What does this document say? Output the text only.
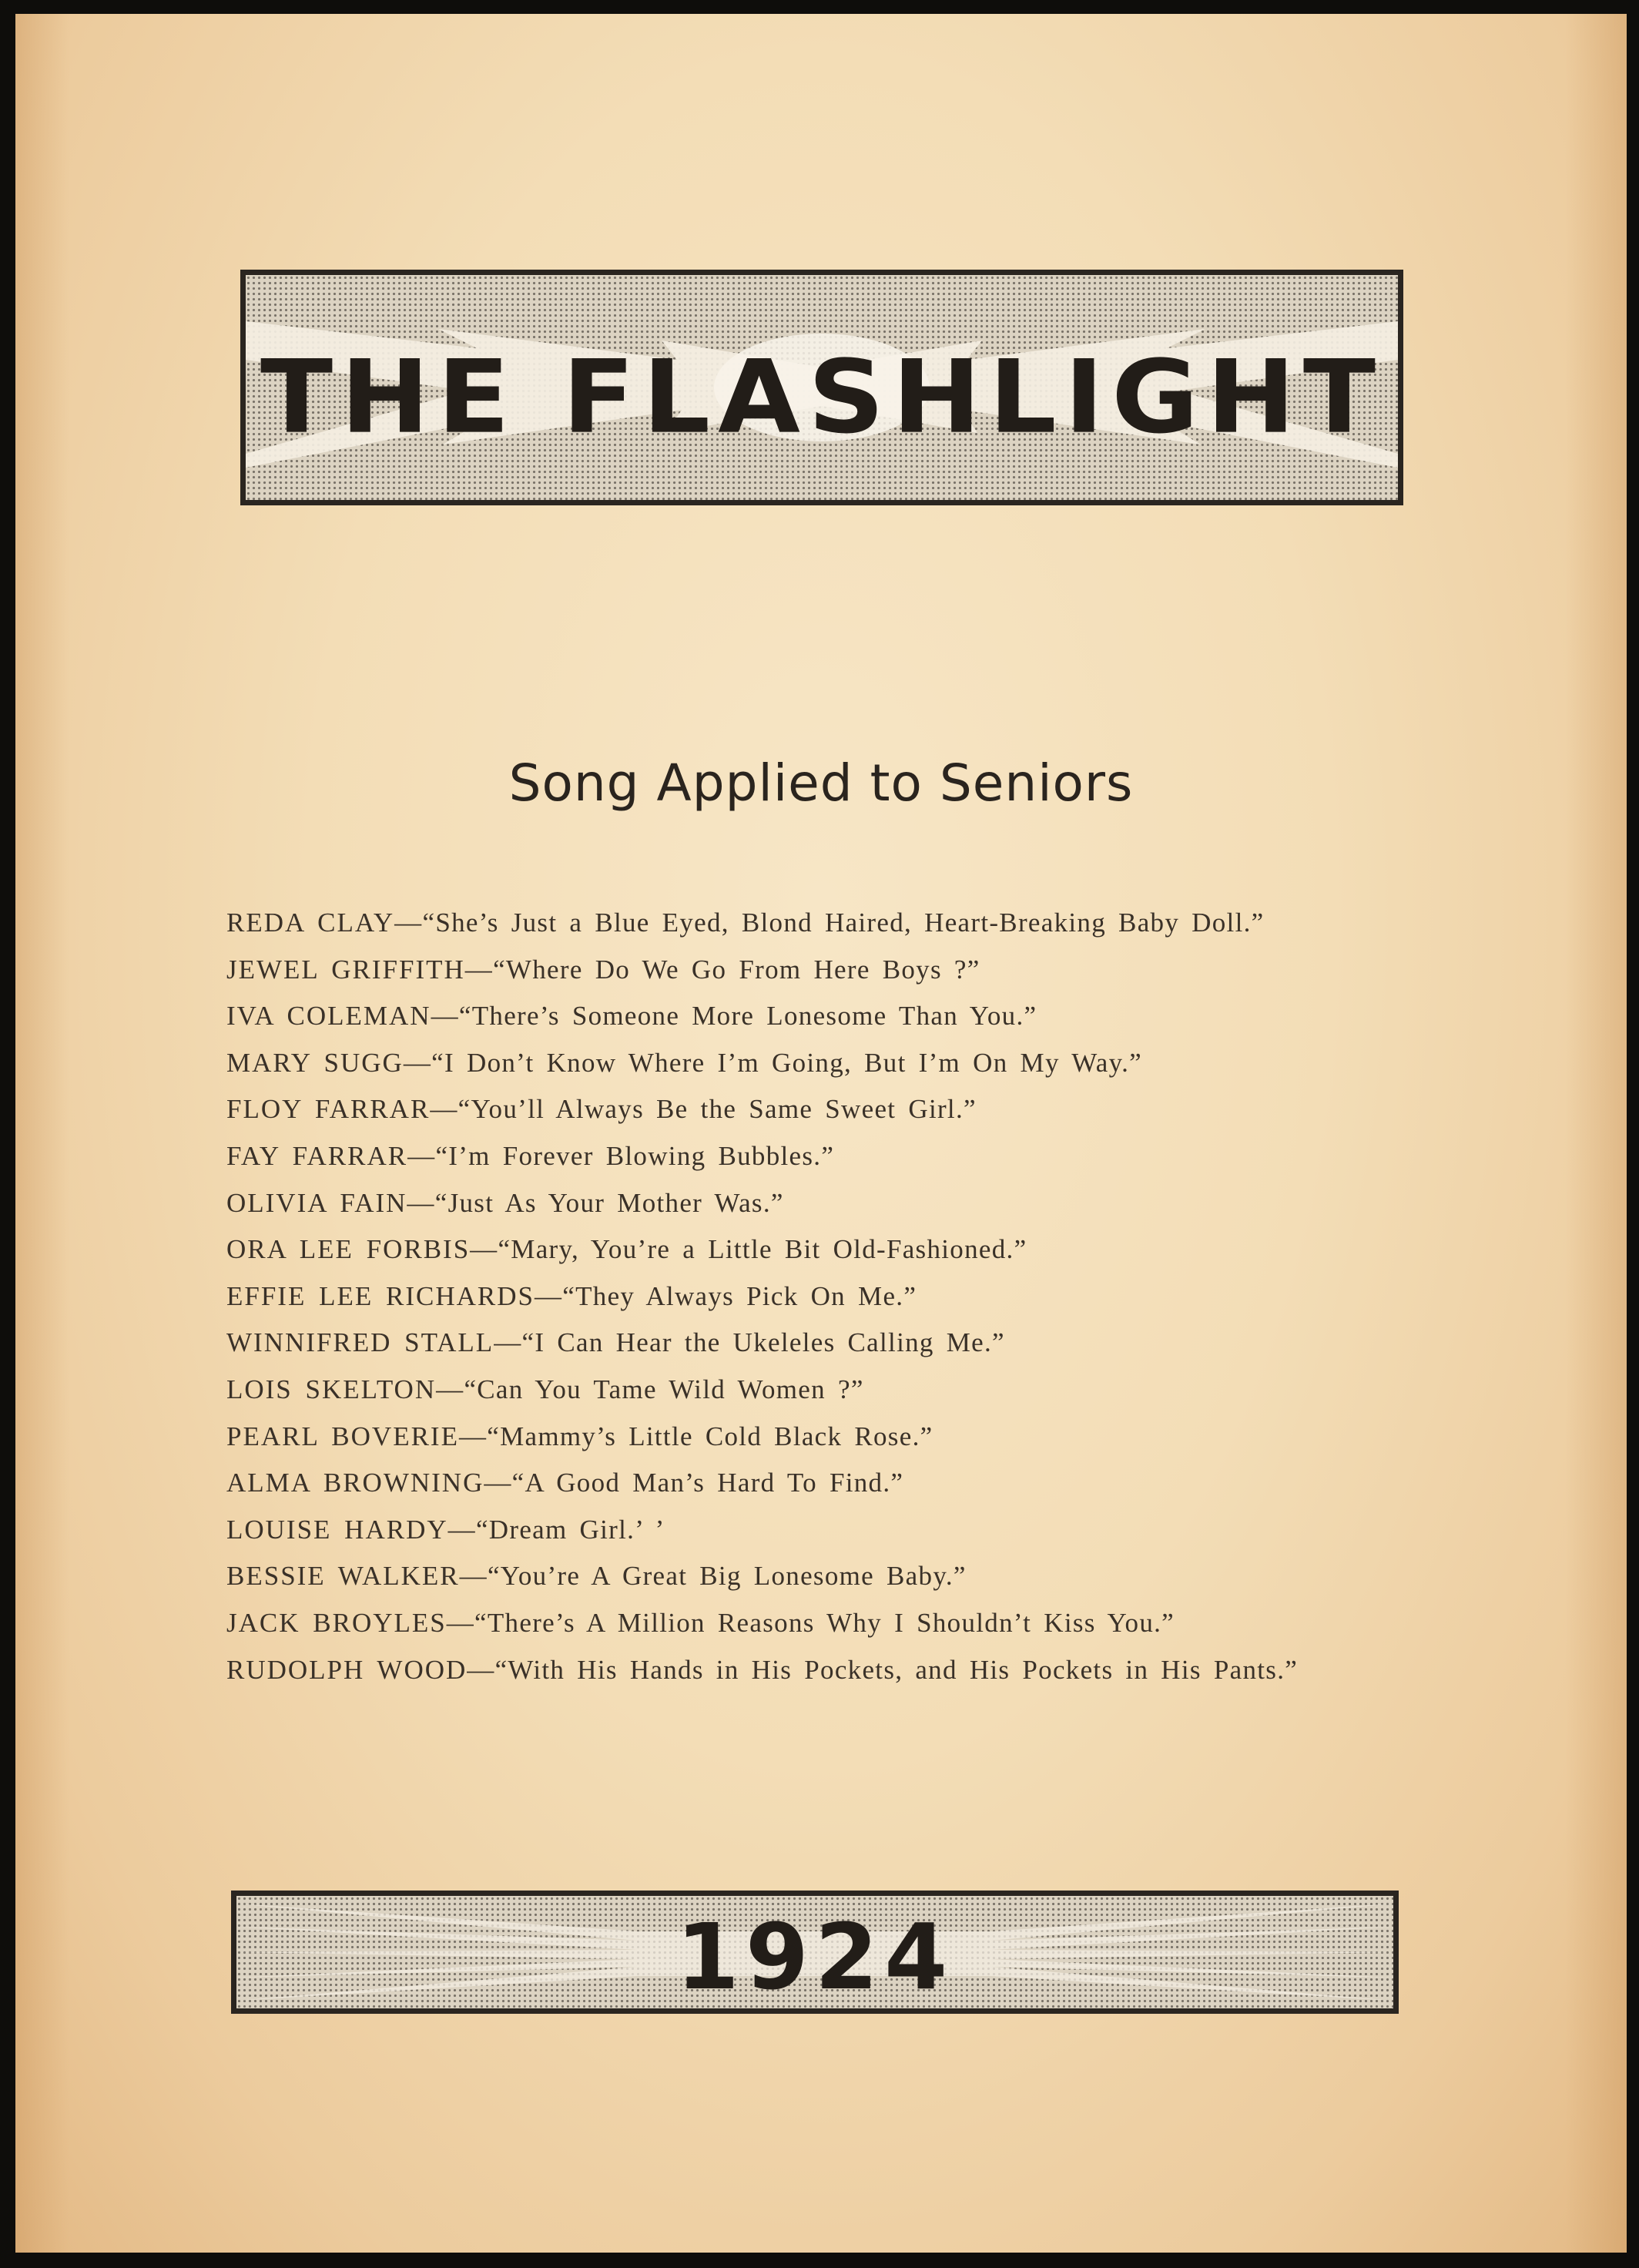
THE FLASHLIGHT
Song Applied to Seniors
REDA CLAY—“She’s Just a Blue Eyed, Blond Haired, Heart-Breaking Baby Doll.”
JEWEL GRIFFITH—“Where Do We Go From Here Boys ?”
IVA COLEMAN—“There’s Someone More Lonesome Than You.”
MARY SUGG—“I Don’t Know Where I’m Going, But I’m On My Way.”
FLOY FARRAR—“You’ll Always Be the Same Sweet Girl.”
FAY FARRAR—“I’m Forever Blowing Bubbles.”
OLIVIA FAIN—“Just As Your Mother Was.”
ORA LEE FORBIS—“Mary, You’re a Little Bit Old-Fashioned.”
EFFIE LEE RICHARDS—“They Always Pick On Me.”
WINNIFRED STALL—“I Can Hear the Ukeleles Calling Me.”
LOIS SKELTON—“Can You Tame Wild Women ?”
PEARL BOVERIE—“Mammy’s Little Cold Black Rose.”
ALMA BROWNING—“A Good Man’s Hard To Find.”
LOUISE HARDY—“Dream Girl.’ ’
BESSIE WALKER—“You’re A Great Big Lonesome Baby.”
JACK BROYLES—“There’s A Million Reasons Why I Shouldn’t Kiss You.”
RUDOLPH WOOD—“With His Hands in His Pockets, and His Pockets in His Pants.”
1924
